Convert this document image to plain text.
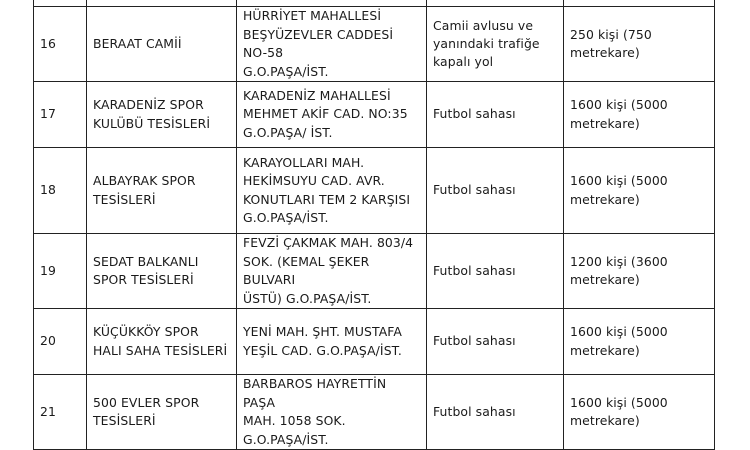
16	BERAAT CAMİİ	HÜRRİYET MAHALLESİ
BEŞYÜZEVLER CADDESİ NO-58
G.O.PAŞA/İST.	Camii avlusu ve
yanındaki trafiğe
kapalı yol	250 kişi (750
metrekare)

17	KARADENİZ SPOR
KULÜBÜ TESİSLERİ	KARADENİZ MAHALLESİ
MEHMET AKİF CAD. NO:35
G.O.PAŞA/ İST.	Futbol sahası	1600 kişi (5000
metrekare)

18	ALBAYRAK SPOR
TESİSLERİ	KARAYOLLARI MAH.
HEKİMSUYU CAD. AVR.
KONUTLARI TEM 2 KARŞISI
G.O.PAŞA/İST.	Futbol sahası	1600 kişi (5000
metrekare)

19	SEDAT BALKANLI
SPOR TESİSLERİ	FEVZİ ÇAKMAK MAH. 803/4
SOK. (KEMAL ŞEKER BULVARI
ÜSTÜ) G.O.PAŞA/İST.	Futbol sahası	1200 kişi (3600
metrekare)

20	KÜÇÜKKÖY SPOR
HALI SAHA TESİSLERİ	YENİ MAH. ŞHT. MUSTAFA
YEŞİL CAD. G.O.PAŞA/İST.	Futbol sahası	1600 kişi (5000
metrekare)

21	500 EVLER SPOR
TESİSLERİ	BARBAROS HAYRETTİN PAŞA
MAH. 1058 SOK.
G.O.PAŞA/İST.	Futbol sahası	1600 kişi (5000
metrekare)
